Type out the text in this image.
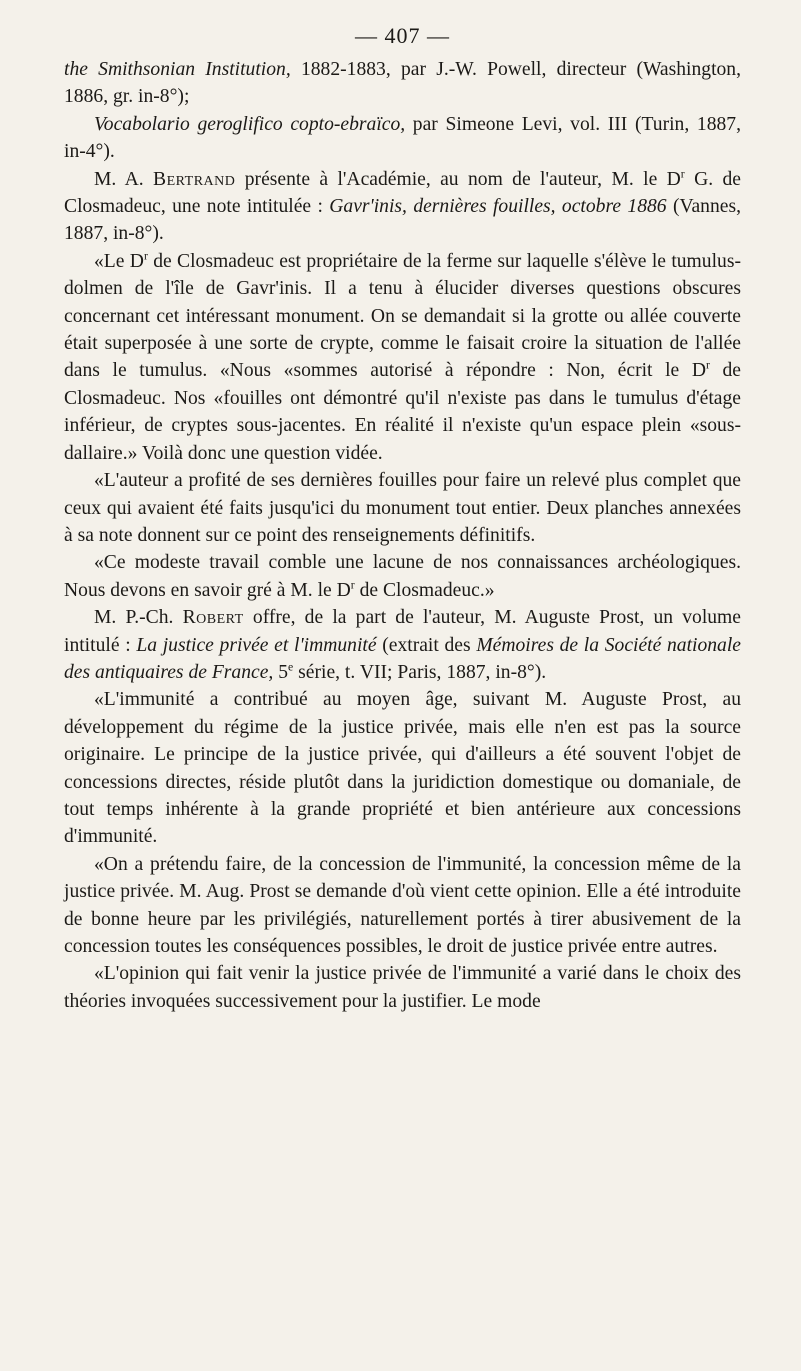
— 407 —

the Smithsonian Institution, 1882-1883, par J.-W. Powell, directeur (Washington, 1886, gr. in-8°);

Vocabolario geroglifico copto-ebraïco, par Simeone Levi, vol. III (Turin, 1887, in-4°).

M. A. Bertrand présente à l'Académie, au nom de l'auteur, M. le $D^r$ G. de Closmadeuc, une note intitulée : Gavr'inis, dernières fouilles, octobre 1886 (Vannes, 1887, in-8°).

«Le $D^r$ de Closmadeuc est propriétaire de la ferme sur laquelle s'élève le tumulus-dolmen de l'île de Gavr'inis. Il a tenu à élucider diverses questions obscures concernant cet intéressant monument. On se demandait si la grotte ou allée couverte était superposée à une sorte de crypte, comme le faisait croire la situation de l'allée dans le tumulus. «Nous «sommes autorisé à répondre : Non, écrit le $D^r$ de Closmadeuc. Nos «fouilles ont démontré qu'il n'existe pas dans le tumulus d'étage inférieur, de cryptes sous-jacentes. En réalité il n'existe qu'un espace plein «sous-dallaire.» Voilà donc une question vidée.

«L'auteur a profité de ses dernières fouilles pour faire un relevé plus complet que ceux qui avaient été faits jusqu'ici du monument tout entier. Deux planches annexées à sa note donnent sur ce point des renseignements définitifs.

«Ce modeste travail comble une lacune de nos connaissances archéologiques. Nous devons en savoir gré à M. le $D^r$ de Closmadeuc.»

M. P.-Ch. Robert offre, de la part de l'auteur, M. Auguste Prost, un volume intitulé : La justice privée et l'immunité (extrait des Mémoires de la Société nationale des antiquaires de France, 5e série, t. VII; Paris, 1887, in-8°).

«L'immunité a contribué au moyen âge, suivant M. Auguste Prost, au développement du régime de la justice privée, mais elle n'en est pas la source originaire. Le principe de la justice privée, qui d'ailleurs a été souvent l'objet de concessions directes, réside plutôt dans la juridiction domestique ou domaniale, de tout temps inhérente à la grande propriété et bien antérieure aux concessions d'immunité.

«On a prétendu faire, de la concession de l'immunité, la concession même de la justice privée. M. Aug. Prost se demande d'où vient cette opinion. Elle a été introduite de bonne heure par les privilégiés, naturellement portés à tirer abusivement de la concession toutes les conséquences possibles, le droit de justice privée entre autres.

«L'opinion qui fait venir la justice privée de l'immunité a varié dans le choix des théories invoquées successivement pour la justifier. Le mode
